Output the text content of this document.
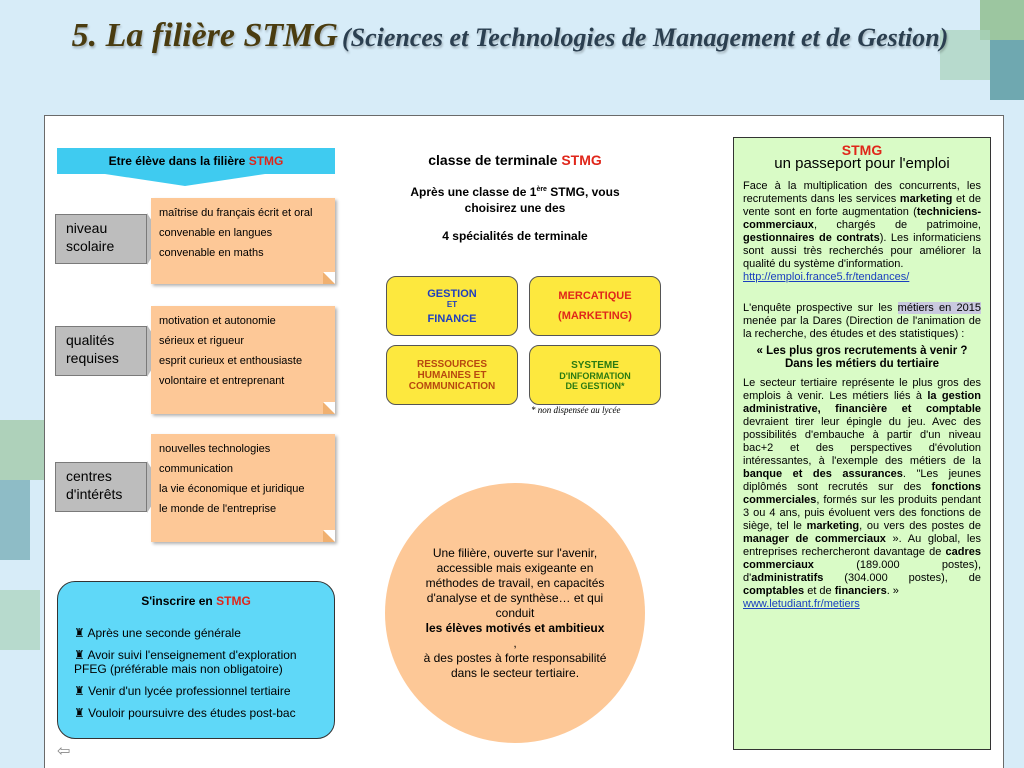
5. La filière STMG (Sciences et Technologies de Management et de Gestion)
Etre élève dans la filière STMG
niveau scolaire

maîtrise du français écrit et oral

convenable en langues

convenable en maths

qualités requises

motivation et autonomie

sérieux et rigueur

esprit curieux et enthousiaste

volontaire et entreprenant

centres d'intérêts

nouvelles technologies

communication

la vie économique et juridique

le monde de l'entreprise

S'inscrire en STMG

♜ Après une seconde générale

♜ Avoir suivi l'enseignement d'exploration PFEG (préférable mais non obligatoire)

♜ Venir d'un lycée professionnel tertiaire

♜ Vouloir poursuivre des études post-bac

classe de terminale STMG
Après une classe de 1ère STMG, vous choisirez une des
4 spécialités de terminale
GESTION
ET
FINANCE
MERCATIQUE
(MARKETING)
RESSOURCES
HUMAINES ET
COMMUNICATION
SYSTEME
D'INFORMATION
DE GESTION*
* non dispensée au lycée
Une filière, ouverte sur l'avenir, accessible mais exigeante en méthodes de travail, en capacités d'analyse et de synthèse… et qui conduit
les élèves motivés et ambitieux
,
à des postes à forte responsabilité dans le secteur tertiaire.
STMG
un passeport pour l'emploi
Face à la multiplication des concurrents, les recrutements dans les services marketing et de vente sont en forte augmentation (techniciens-commerciaux, chargés de patrimoine, gestionnaires de contrats). Les informaticiens sont aussi très recherchés pour améliorer la qualité du système d'information.
http://emploi.france5.fr/tendances/
L'enquête prospective sur les métiers en 2015 menée par la Dares (Direction de l'animation de la recherche, des études et des statistiques) :
« Les plus gros recrutements à venir ? Dans les métiers du tertiaire
Le secteur tertiaire représente le plus gros des emplois à venir. Les métiers liés à la gestion administrative, financière et comptable devraient tirer leur épingle du jeu. Avec des possibilités d'embauche à partir d'un niveau bac+2 et des perspectives d'évolution intéressantes, à l'exemple des métiers de la banque et des assurances. "Les jeunes diplômés sont recrutés sur des fonctions commerciales, formés sur les produits pendant 3 ou 4 ans, puis évoluent vers des fonctions de siège, tel le marketing, ou vers des postes de manager de commerciaux ». Au global, les entreprises rechercheront davantage de cadres commerciaux (189.000 postes), d'administratifs (304.000 postes), de comptables et de financiers. »
www.letudiant.fr/metiers
⇦
